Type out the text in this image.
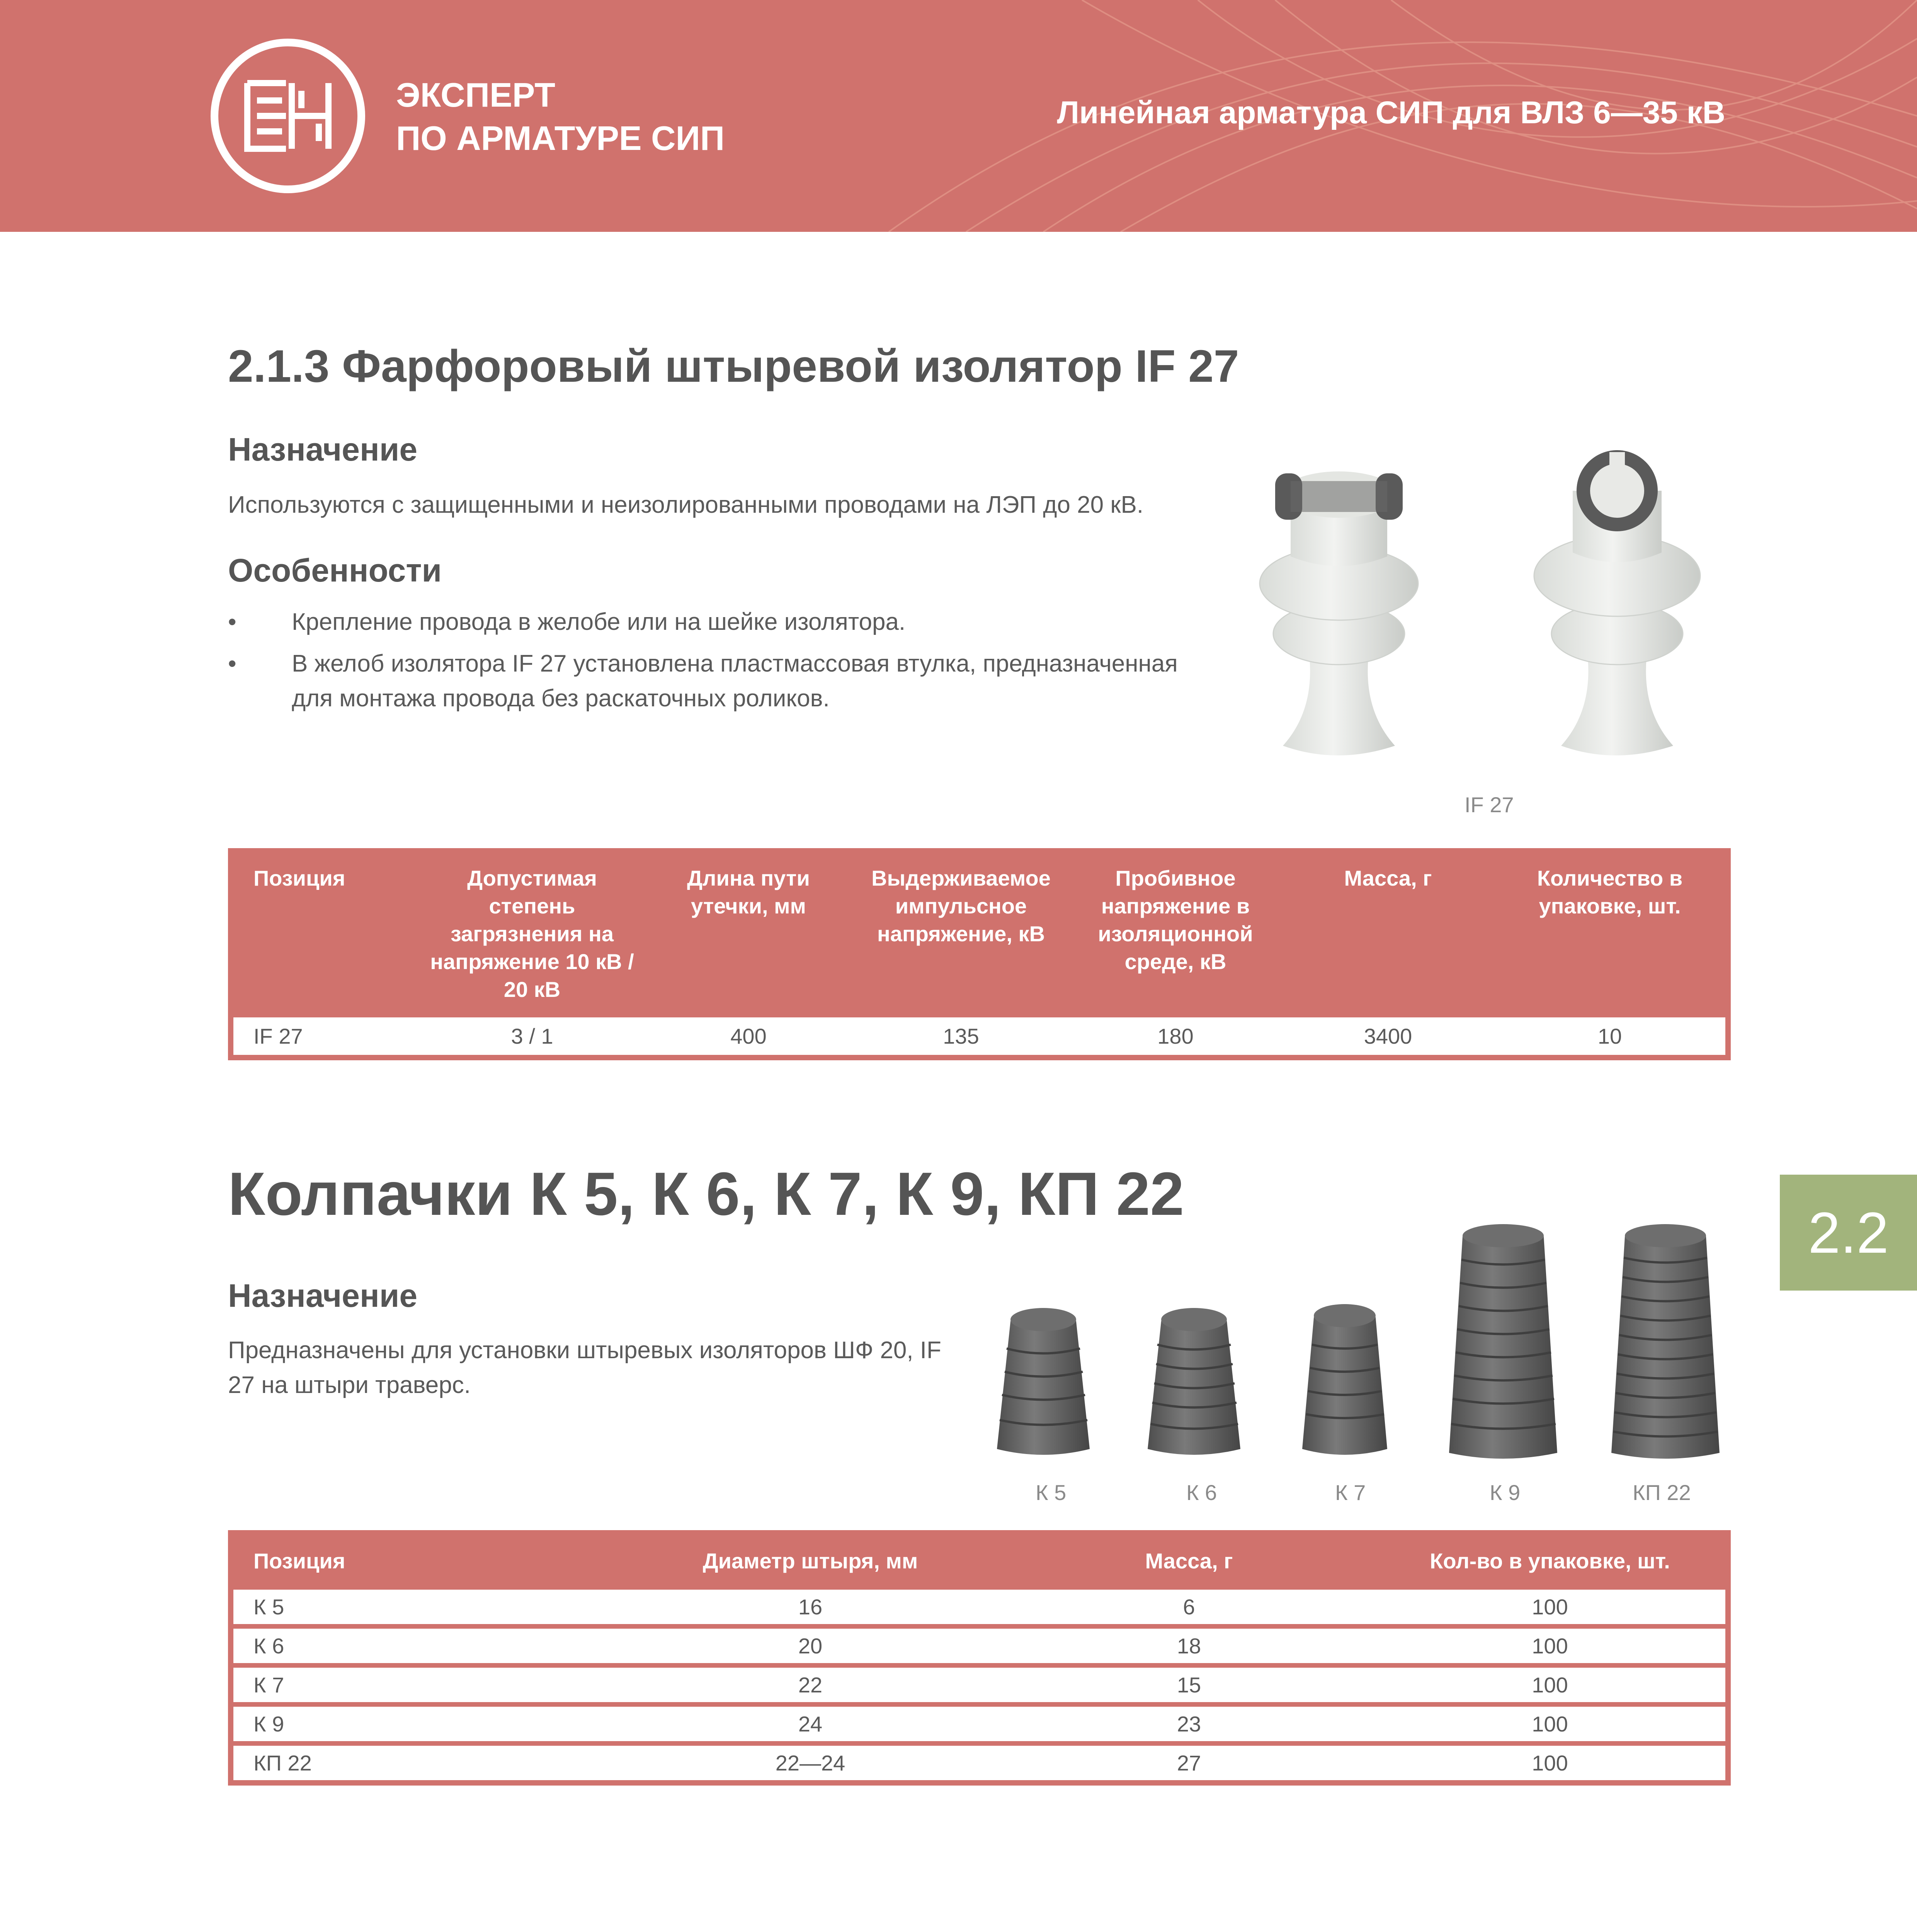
ЭКСПЕРТ
ПО АРМАТУРЕ СИП
Линейная арматура СИП для ВЛЗ 6—35 кВ
2.1.3 Фарфоровый штыревой изолятор IF 27
Назначение
Используются с защищенными и неизолированными проводами на ЛЭП до 20 кВ.
Особенности
• Крепление провода в желобе или на шейке изолятора.
• В желоб изолятора IF 27 установлена пластмассовая втулка, предназначенная для монтажа провода без раскаточных роликов.
IF 27
Позиция	Допустимая степень загрязнения на напряжение 10 кВ / 20 кВ	Длина пути утечки, мм	Выдерживаемое импульсное напряжение, кВ	Пробивное напряжение в изоляционной среде, кВ	Масса, г	Количество в упаковке, шт.
IF 27	3 / 1	400	135	180	3400	10
Колпачки К 5, К 6, К 7, К 9, КП 22
2.2
Назначение
Предназначены для установки штыревых изоляторов ШФ 20, IF 27 на штыри траверс.
К 5	К 6	К 7	К 9	КП 22
Позиция	Диаметр штыря, мм	Масса, г	Кол-во в упаковке, шт.
К 5	16	6	100
К 6	20	18	100
К 7	22	15	100
К 9	24	23	100
КП 22	22—24	27	100
